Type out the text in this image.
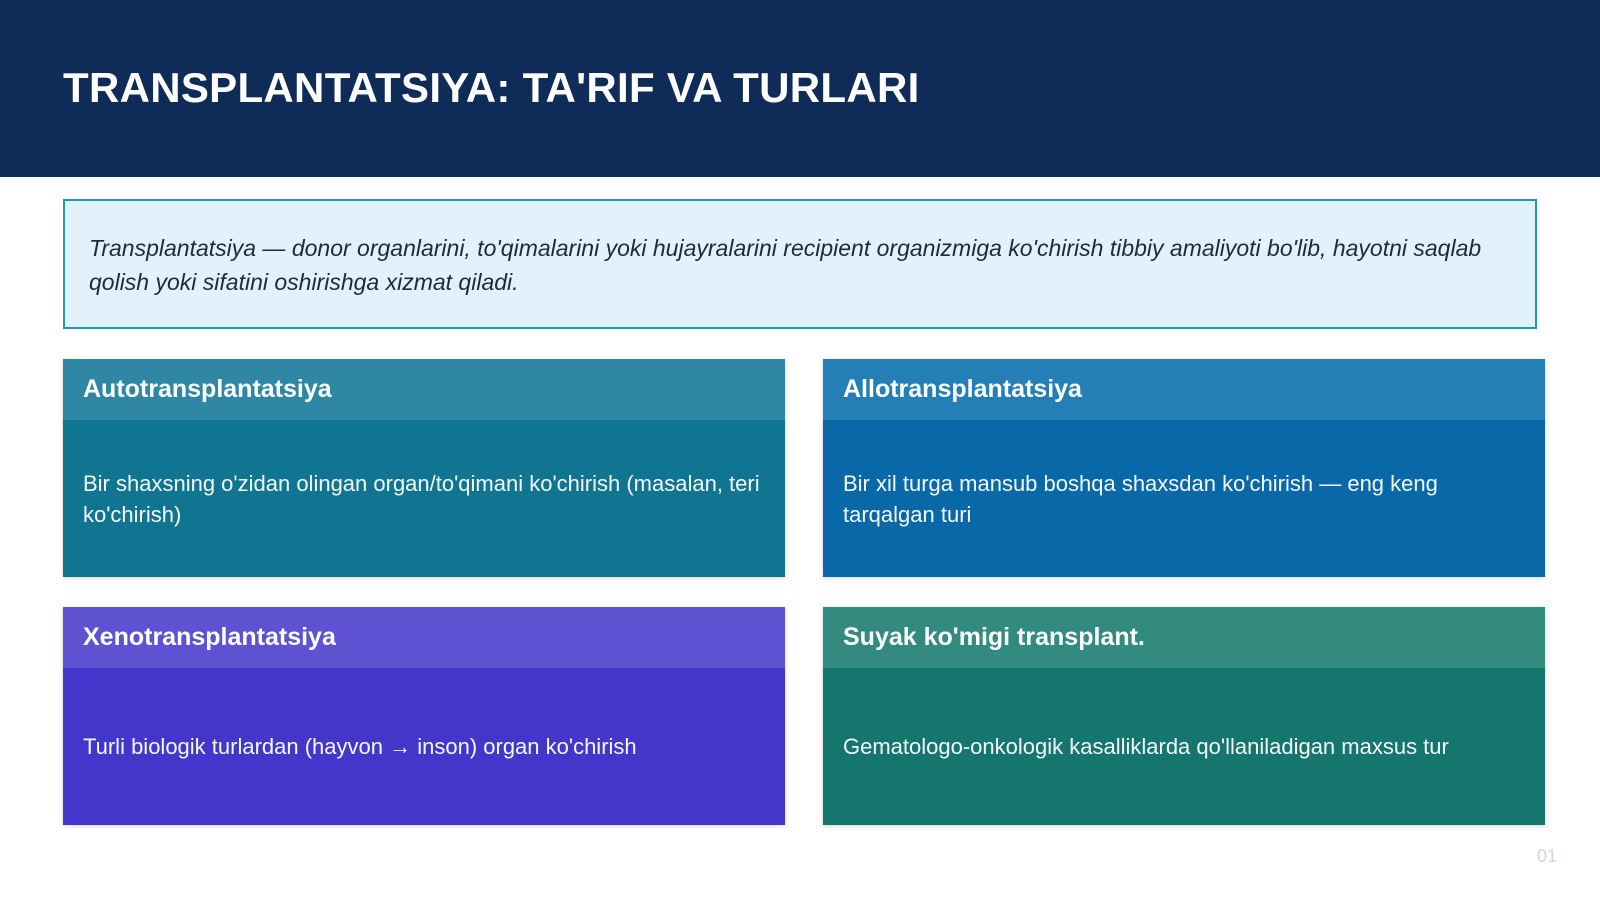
TRANSPLANTATSIYA: TA'RIF VA TURLARI

Transplantatsiya — donor organlarini, to'qimalarini yoki hujayralarini recipient organizmiga ko'chirish tibbiy amaliyoti bo'lib, hayotni saqlab qolish yoki sifatini oshirishga xizmat qiladi.

Autotransplantatsiya
Bir shaxsning o'zidan olingan organ/to'qimani ko'chirish (masalan, teri ko'chirish)
Allotransplantatsiya
Bir xil turga mansub boshqa shaxsdan ko'chirish — eng keng tarqalgan turi
Xenotransplantatsiya
Turli biologik turlardan (hayvon → inson) organ ko'chirish
Suyak ko'migi transplant.
Gematologo-onkologik kasalliklarda qo'llaniladigan maxsus tur
01
